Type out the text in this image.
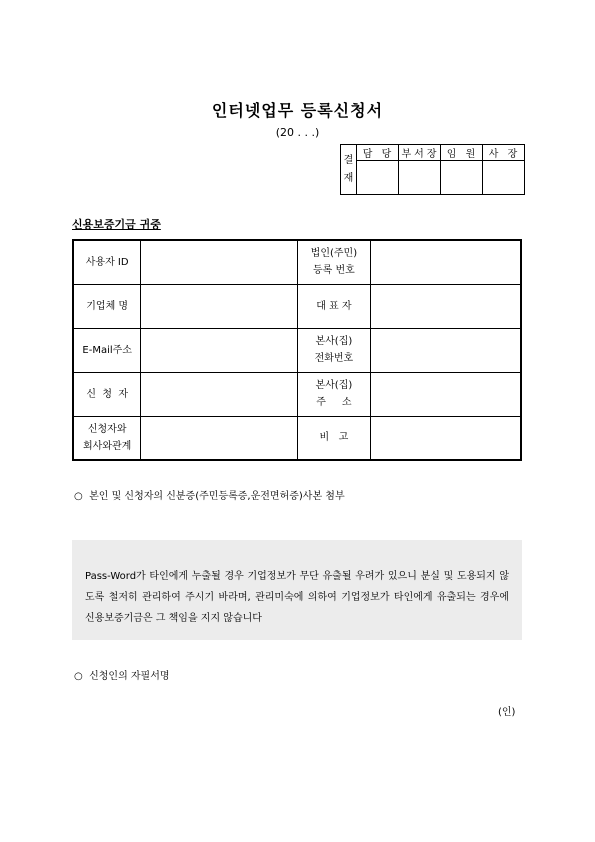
인터넷업무 등록신청서
(20 . . .)
결
재	담 당	부서장	임 원	사 장

신용보증기금 귀중
사용자 ID		법인(주민)
등록 번호	
기업체 명		대 표 자	
E-Mail주소		본사(집)
전화번호	
신  청  자		본사(집)
주     소	
신청자와
회사와관계		비   고	
○  본인 및 신청자의 신분증(주민등록증,운전면허증)사본 첨부
Pass-Word가 타인에게 누출될 경우 기업정보가 무단 유출될 우려가 있으니 분실 및 도용되지 않도록 철저히 관리하여 주시기 바라며, 관리미숙에 의하여 기업정보가 타인에게 유출되는 경우에 신용보증기금은 그 책임을 지지 않습니다
○  신청인의 자필서명
(인)
